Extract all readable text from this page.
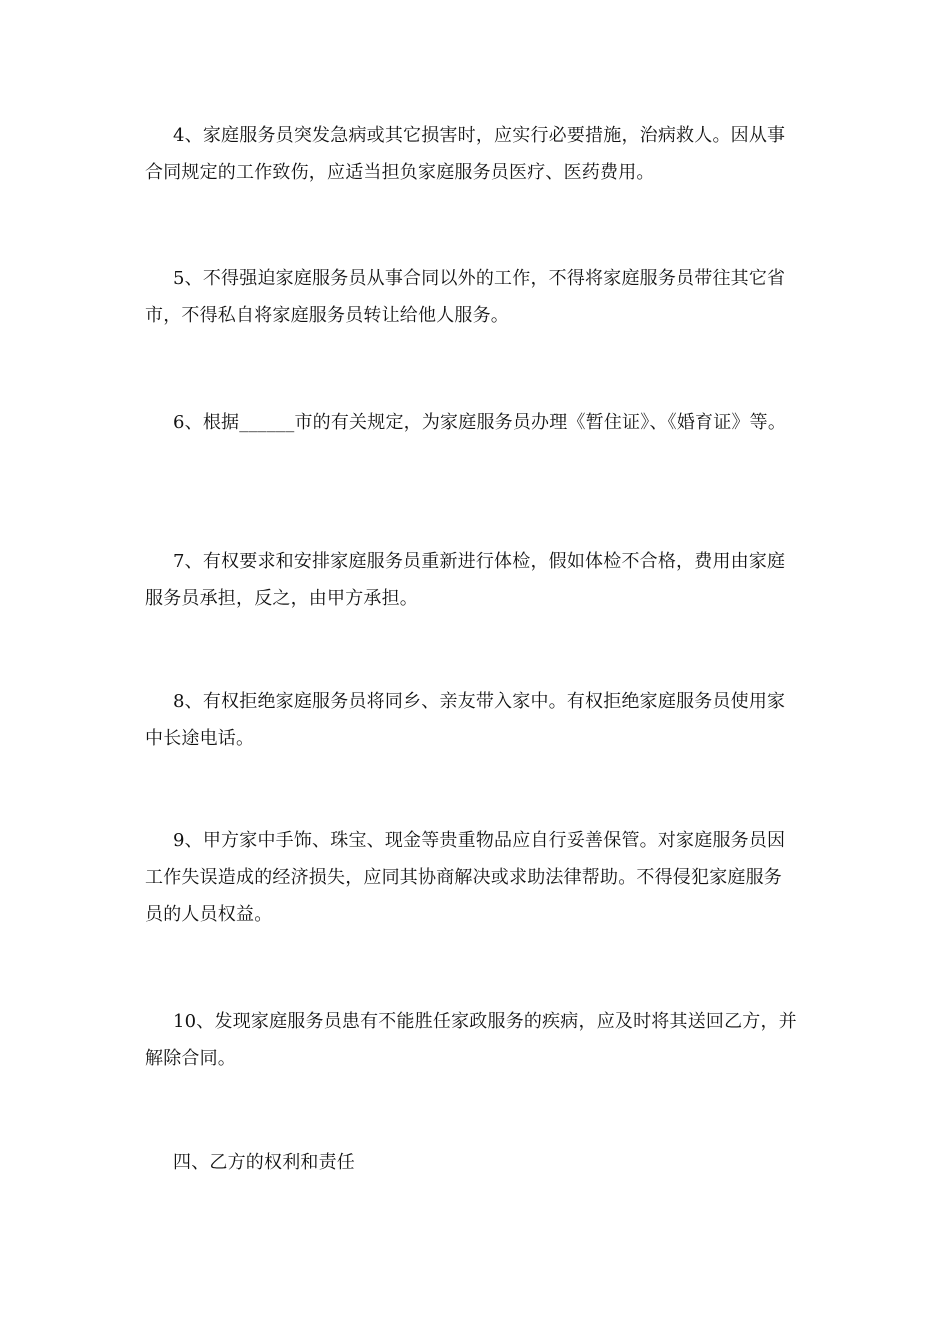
4、家庭服务员突发急病或其它损害时，应实行必要措施，治病救人。因从事合同规定的工作致伤，应适当担负家庭服务员医疗、医药费用。

5、不得强迫家庭服务员从事合同以外的工作，不得将家庭服务员带往其它省市，不得私自将家庭服务员转让给他人服务。

6、根据______市的有关规定，为家庭服务员办理《暂住证》、《婚育证》等。

7、有权要求和安排家庭服务员重新进行体检，假如体检不合格，费用由家庭服务员承担，反之，由甲方承担。

8、有权拒绝家庭服务员将同乡、亲友带入家中。有权拒绝家庭服务员使用家中长途电话。

9、甲方家中手饰、珠宝、现金等贵重物品应自行妥善保管。对家庭服务员因工作失误造成的经济损失，应同其协商解决或求助法律帮助。不得侵犯家庭服务员的人员权益。

10、发现家庭服务员患有不能胜任家政服务的疾病，应及时将其送回乙方，并解除合同。

四、乙方的权利和责任
